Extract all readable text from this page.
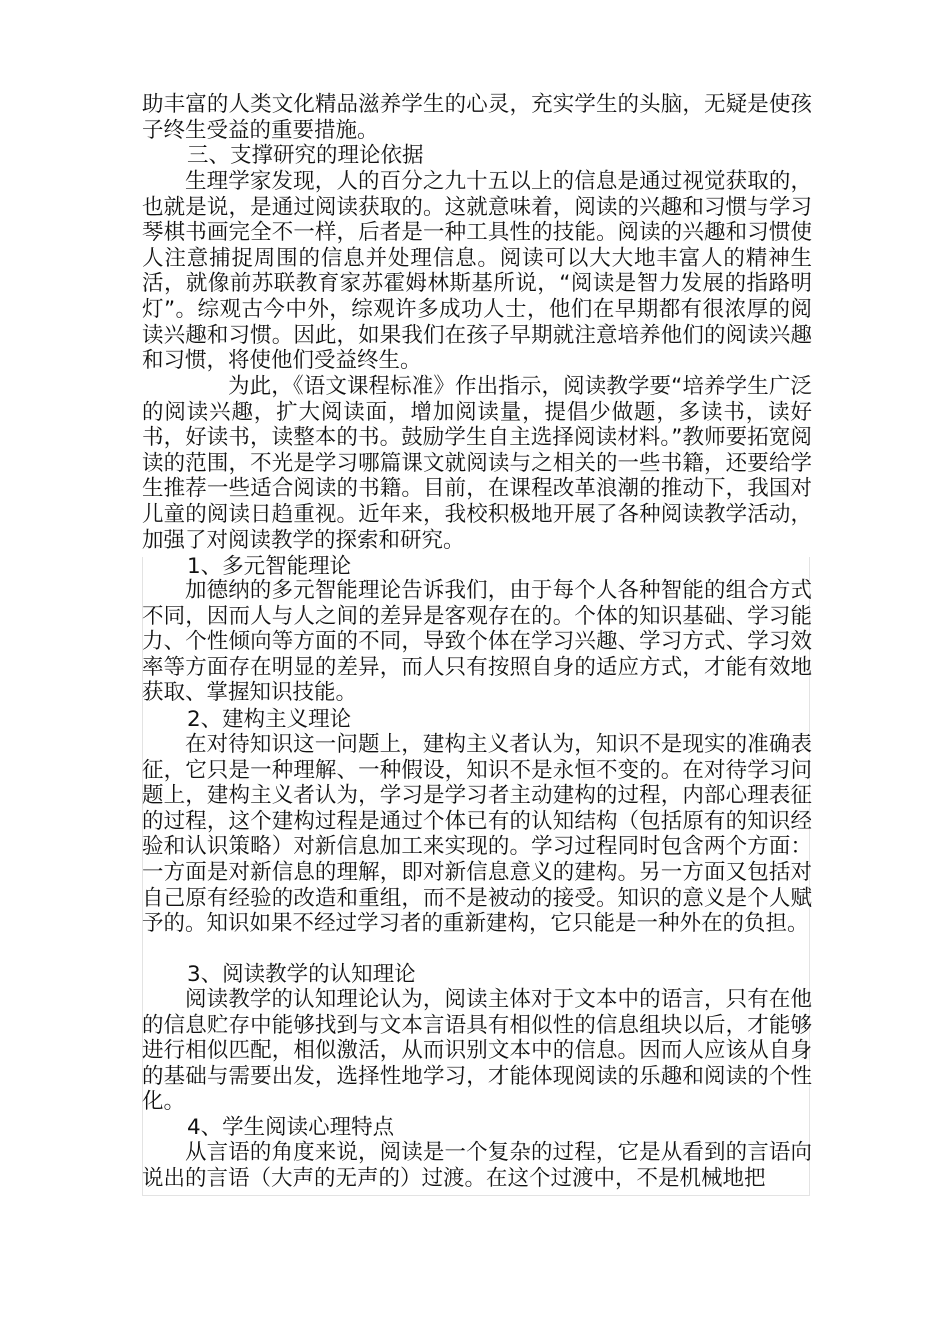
助丰富的人类文化精品滋养学生的心灵，充实学生的头脑，无疑是使孩子终生受益的重要措施。
三、支撑研究的理论依据
生理学家发现，人的百分之九十五以上的信息是通过视觉获取的，也就是说，是通过阅读获取的。这就意味着，阅读的兴趣和习惯与学习琴棋书画完全不一样，后者是一种工具性的技能。阅读的兴趣和习惯使人注意捕捉周围的信息并处理信息。阅读可以大大地丰富人的精神生活，就像前苏联教育家苏霍姆林斯基所说，“阅读是智力发展的指路明灯”。综观古今中外，综观许多成功人士，他们在早期都有很浓厚的阅读兴趣和习惯。因此，如果我们在孩子早期就注意培养他们的阅读兴趣和习惯，将使他们受益终生。
为此，《语文课程标准》作出指示，阅读教学要“培养学生广泛的阅读兴趣，扩大阅读面，增加阅读量，提倡少做题，多读书，读好书，好读书，读整本的书。鼓励学生自主选择阅读材料。”教师要拓宽阅读的范围，不光是学习哪篇课文就阅读与之相关的一些书籍，还要给学生推荐一些适合阅读的书籍。目前，在课程改革浪潮的推动下，我国对儿童的阅读日趋重视。近年来，我校积极地开展了各种阅读教学活动，加强了对阅读教学的探索和研究。
1、多元智能理论
加德纳的多元智能理论告诉我们，由于每个人各种智能的组合方式不同，因而人与人之间的差异是客观存在的。个体的知识基础、学习能力、个性倾向等方面的不同，导致个体在学习兴趣、学习方式、学习效率等方面存在明显的差异，而人只有按照自身的适应方式，才能有效地获取、掌握知识技能。
2、建构主义理论
在对待知识这一问题上，建构主义者认为，知识不是现实的准确表征，它只是一种理解、一种假设，知识不是永恒不变的。在对待学习问题上，建构主义者认为，学习是学习者主动建构的过程，内部心理表征的过程，这个建构过程是通过个体已有的认知结构（包括原有的知识经验和认识策略）对新信息加工来实现的。学习过程同时包含两个方面：一方面是对新信息的理解，即对新信息意义的建构。另一方面又包括对自己原有经验的改造和重组，而不是被动的接受。知识的意义是个人赋予的。知识如果不经过学习者的重新建构，它只能是一种外在的负担。
3、阅读教学的认知理论
阅读教学的认知理论认为，阅读主体对于文本中的语言，只有在他的信息贮存中能够找到与文本言语具有相似性的信息组块以后，才能够进行相似匹配，相似激活，从而识别文本中的信息。因而人应该从自身的基础与需要出发，选择性地学习，才能体现阅读的乐趣和阅读的个性化。
4、学生阅读心理特点
从言语的角度来说，阅读是一个复杂的过程，它是从看到的言语向说出的言语（大声的无声的）过渡。在这个过渡中，不是机械地把
